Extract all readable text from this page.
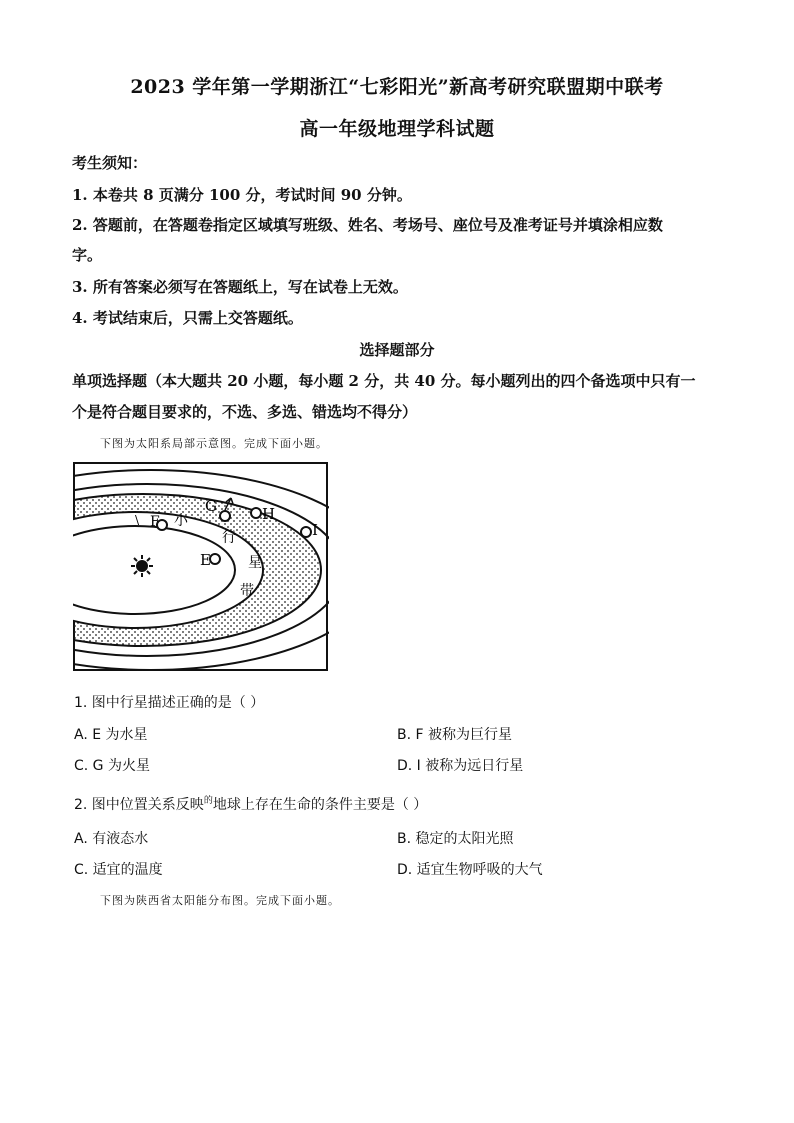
2023 学年第一学期浙江“七彩阳光”新高考研究联盟期中联考
高一年级地理学科试题
考生须知：
1. 本卷共 8 页满分 100 分，考试时间 90 分钟。
2. 答题前，在答题卷指定区域填写班级、姓名、考场号、座位号及准考证号并填涂相应数
字。
3. 所有答案必须写在答题纸上，写在试卷上无效。
4. 考试结束后，只需上交答题纸。
选择题部分
单项选择题（本大题共 20 小题，每小题 2 分，共 40 分。每小题列出的四个备选项中只有一
个是符合题目要求的，不选、多选、错选均不得分）
下图为太阳系局部示意图。完成下面小题。
E
F
G	H
I
\ 小
行
星
带
1. 图中行星描述正确的是（ ）
A. E 为水星	B. F 被称为巨行星
C. G 为火星	D. I 被称为远日行星
2. 图中位置关系反映$^的$地球上存在生命的条件主要是（ ）
A. 有液态水	B. 稳定的太阳光照
C. 适宜的温度	D. 适宜生物呼吸的大气
下图为陕西省太阳能分布图。完成下面小题。
